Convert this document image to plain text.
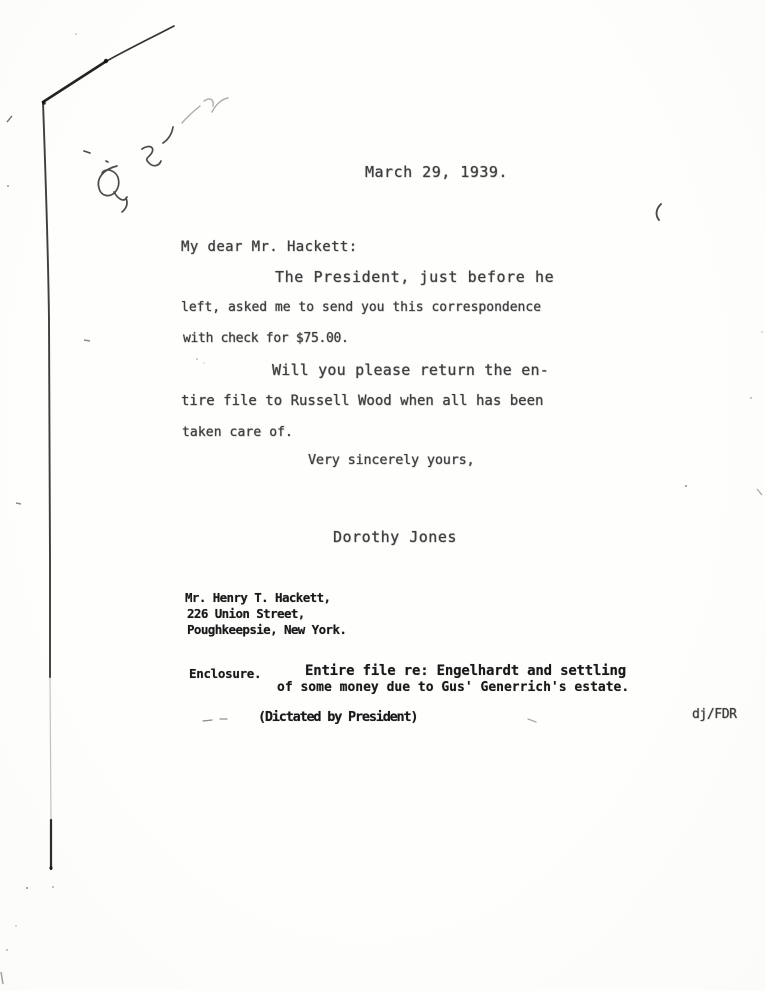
March 29, 1939.
My dear Mr. Hackett:
The President, just before he
left, asked me to send you this correspondence
with check for $75.00.
Will you please return the en-
tire file to Russell Wood when all has been
taken care of.
Very sincerely yours,
Dorothy Jones
Mr. Henry T. Hackett,
226 Union Street,
Poughkeepsie, New York.
Enclosure.	Entire file re: Engelhardt and settling
of some money due to Gus' Generrich's estate.
(Dictated by President)	dj/FDR
